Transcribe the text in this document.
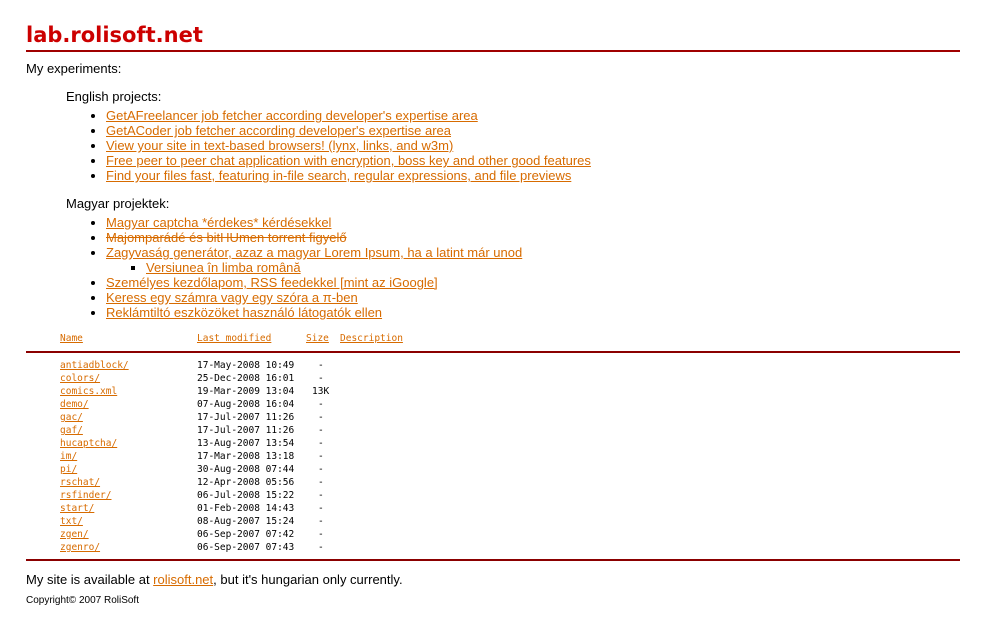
lab.rolisoft.net
My experiments:
English projects:
• GetAFreelancer job fetcher according developer's expertise area
• GetACoder job fetcher according developer's expertise area
• View your site in text-based browsers! (lynx, links, and w3m)
• Free peer to peer chat application with encryption, boss key and other good features
• Find your files fast, featuring in-file search, regular expressions, and file previews
Magyar projektek:
• Magyar captcha *érdekes* kérdésekkel
• Majomparádé és bitHUmen torrent figyelő
• Zagyvaság generátor, azaz a magyar Lorem Ipsum, ha a latint már unod
▪ Versiunea în limba română
• Személyes kezdőlapom, RSS feedekkel [mint az iGoogle]
• Keress egy számra vagy egy szóra a π-ben
• Reklámtiltó eszközöket használó látogatók ellen
Name	Last modified	Size Description
antiadblock/	17-May-2008 10:49	-
colors/	25-Dec-2008 16:01	-
comics.xml	19-Mar-2009 13:04 13K
demo/	07-Aug-2008 16:04	-
gac/	17-Jul-2007 11:26	-
gaf/	17-Jul-2007 11:26	-
hucaptcha/	13-Aug-2007 13:54	-
im/	17-Mar-2008 13:18	-
pi/	30-Aug-2008 07:44	-
rschat/	12-Apr-2008 05:56	-
rsfinder/	06-Jul-2008 15:22	-
start/	01-Feb-2008 14:43	-
txt/	08-Aug-2007 15:24	-
zgen/	06-Sep-2007 07:42	-
zgenro/	06-Sep-2007 07:43	-
My site is available at rolisoft.net, but it's hungarian only currently.
Copyright© 2007 RoliSoft
